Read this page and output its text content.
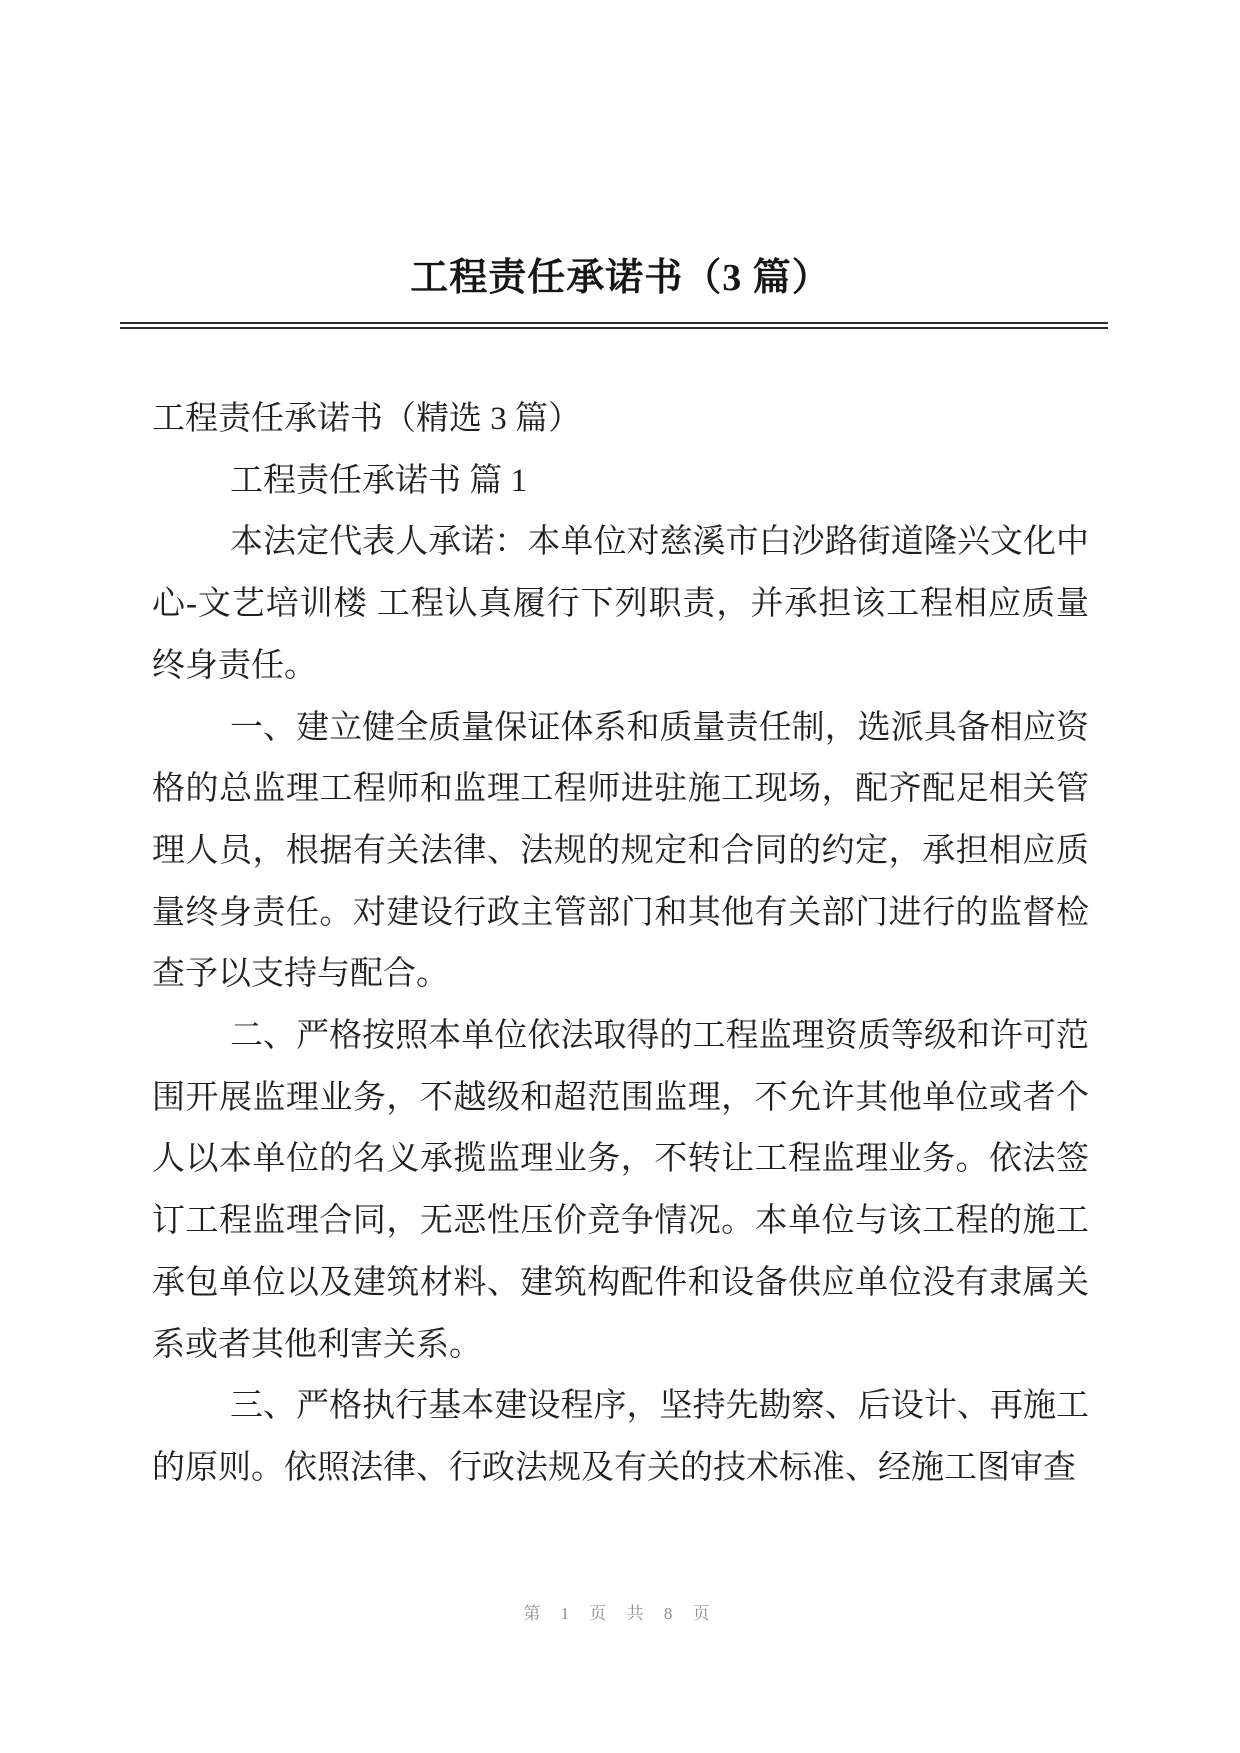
工程责任承诺书（3 篇）

工程责任承诺书（精选 3 篇）

工程责任承诺书 篇 1

本法定代表人承诺：本单位对慈溪市白沙路街道隆兴文化中心-文艺培训楼 工程认真履行下列职责，并承担该工程相应质量终身责任。

一、建立健全质量保证体系和质量责任制，选派具备相应资格的总监理工程师和监理工程师进驻施工现场，配齐配足相关管理人员，根据有关法律、法规的规定和合同的约定，承担相应质量终身责任。对建设行政主管部门和其他有关部门进行的监督检查予以支持与配合。

二、严格按照本单位依法取得的工程监理资质等级和许可范围开展监理业务，不越级和超范围监理，不允许其他单位或者个人以本单位的名义承揽监理业务，不转让工程监理业务。依法签订工程监理合同，无恶性压价竞争情况。本单位与该工程的施工承包单位以及建筑材料、建筑构配件和设备供应单位没有隶属关系或者其他利害关系。

三、严格执行基本建设程序，坚持先勘察、后设计、再施工的原则。依照法律、行政法规及有关的技术标准、经施工图审查

第 1 页 共 8 页
